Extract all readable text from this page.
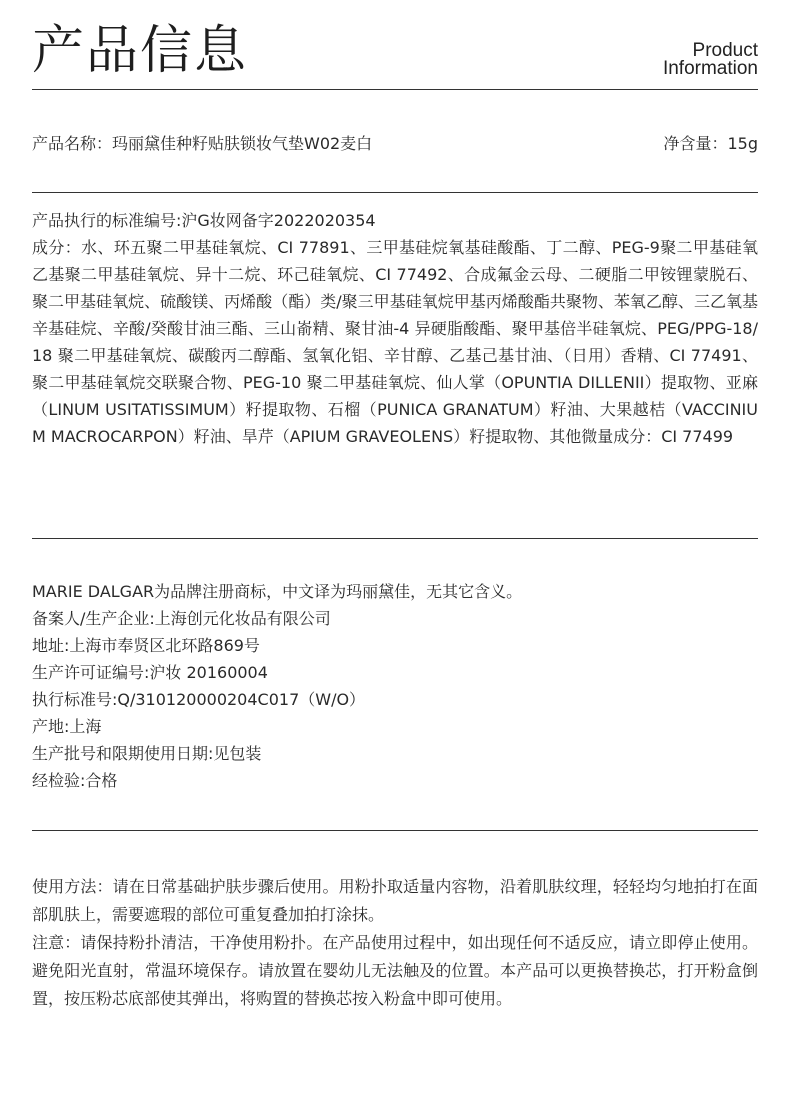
产品信息	Product
Information
产品名称：玛丽黛佳种籽贴肤锁妆气垫W02麦白	净含量：15g

产品执行的标准编号:沪G妆网备字2022020354

成分：水、环五聚二甲基硅氧烷、CI 77891、三甲基硅烷氧基硅酸酯、丁二醇、PEG-9聚二甲基硅氧乙基聚二甲基硅氧烷、异十二烷、环己硅氧烷、CI 77492、合成氟金云母、二硬脂二甲铵锂蒙脱石、聚二甲基硅氧烷、硫酸镁、丙烯酸（酯）类/聚三甲基硅氧烷甲基丙烯酸酯共聚物、苯氧乙醇、三乙氧基辛基硅烷、辛酸/癸酸甘油三酯、三山嵛精、聚甘油-4 异硬脂酸酯、聚甲基倍半硅氧烷、PEG/PPG-18/18 聚二甲基硅氧烷、碳酸丙二醇酯、氢氧化铝、辛甘醇、乙基己基甘油、（日用）香精、CI 77491、聚二甲基硅氧烷交联聚合物、PEG-10 聚二甲基硅氧烷、仙人掌（OPUNTIA DILLENII）提取物、亚麻（LINUM USITATISSIMUM）籽提取物、石榴（PUNICA GRANATUM）籽油、大果越桔（VACCINIUM MACROCARPON）籽油、旱芹（APIUM GRAVEOLENS）籽提取物、其他微量成分：CI 77499

MARIE DALGAR为品牌注册商标，中文译为玛丽黛佳，无其它含义。

备案人/生产企业:上海创元化妆品有限公司

地址:上海市奉贤区北环路869号

生产许可证编号:沪妆 20160004

执行标准号:Q/310120000204C017（W/O）

产地:上海

生产批号和限期使用日期:见包装

经检验:合格

使用方法：请在日常基础护肤步骤后使用。用粉扑取适量内容物，沿着肌肤纹理，轻轻均匀地拍打在面部肌肤上，需要遮瑕的部位可重复叠加拍打涂抹。

注意：请保持粉扑清洁，干净使用粉扑。在产品使用过程中，如出现任何不适反应，请立即停止使用。避免阳光直射，常温环境保存。请放置在婴幼儿无法触及的位置。本产品可以更换替换芯，打开粉盒倒置，按压粉芯底部使其弹出，将购置的替换芯按入粉盒中即可使用。
